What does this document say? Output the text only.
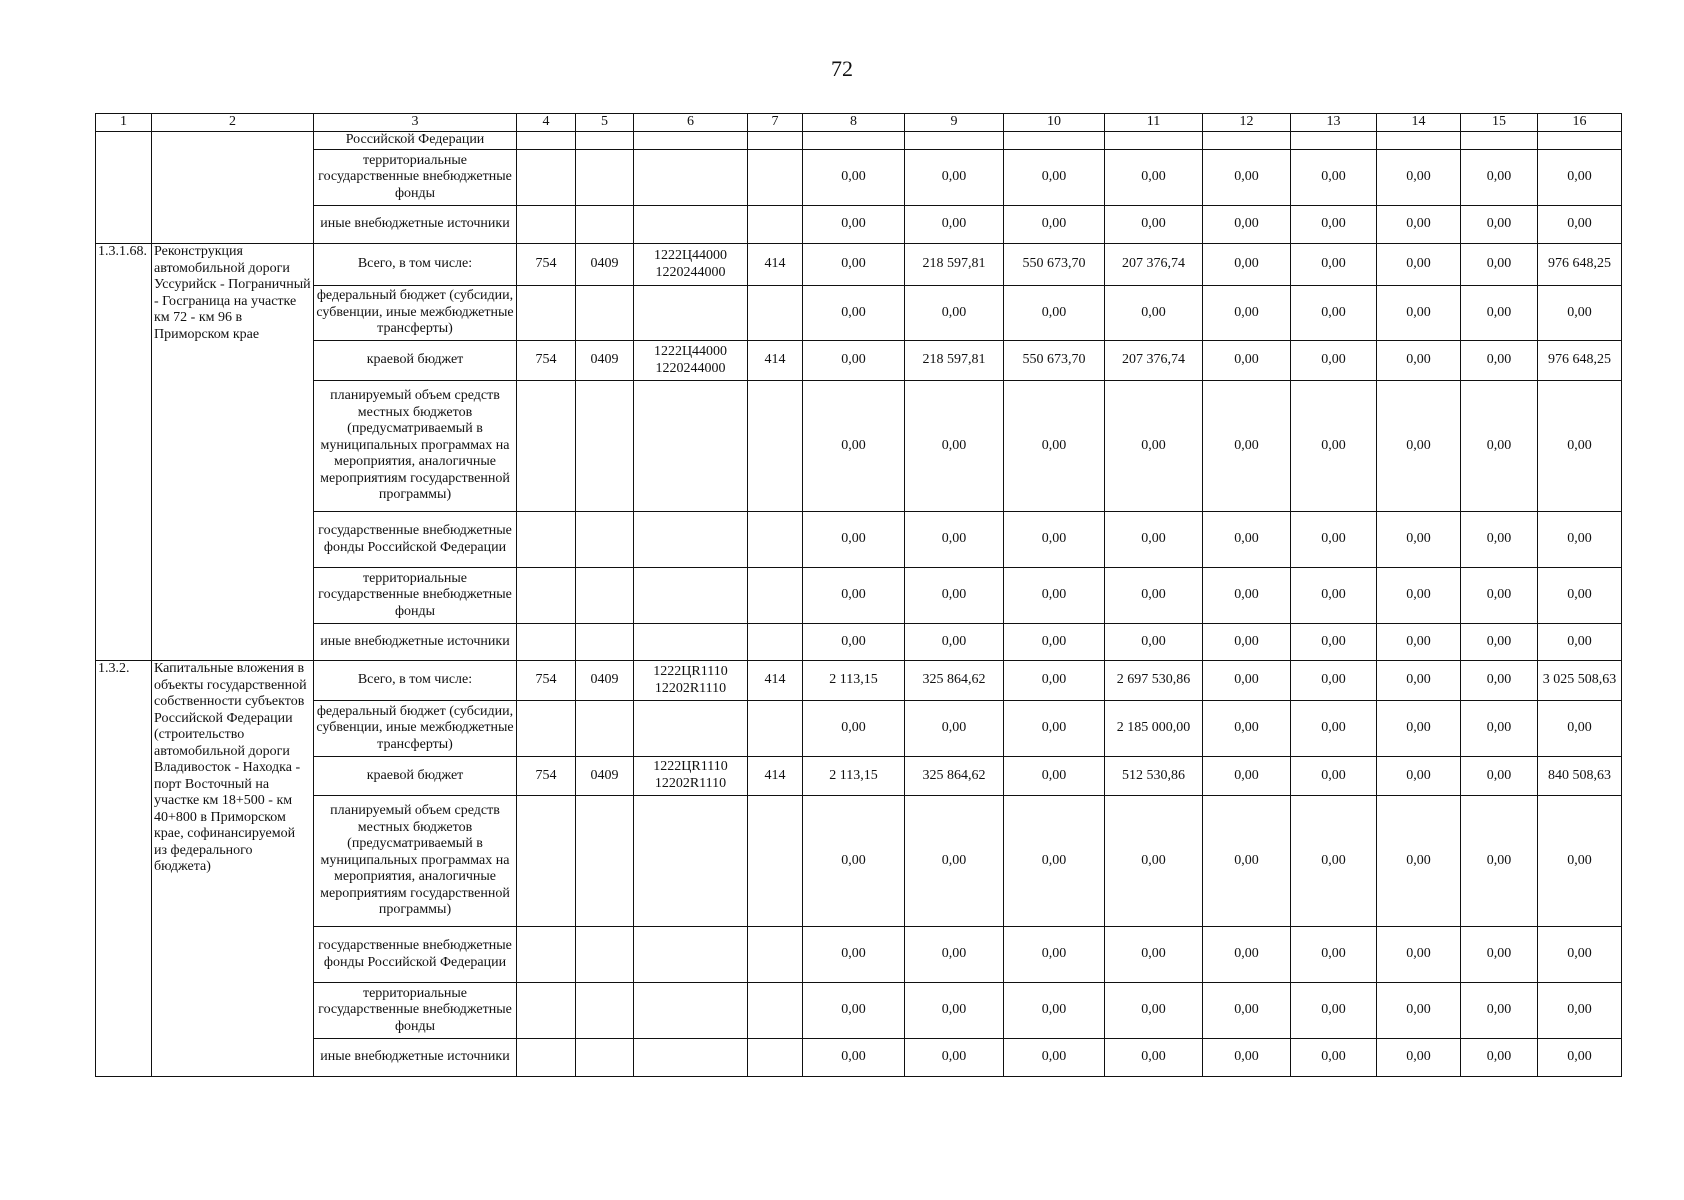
72
1	2	3	4	5	6	7	8	9	10	11	12	13	14	15	16
		Российской Федерации													
		территориальные государственные внебюджетные фонды					0,00	0,00	0,00	0,00	0,00	0,00	0,00	0,00	0,00
		иные внебюджетные источники					0,00	0,00	0,00	0,00	0,00	0,00	0,00	0,00	0,00
1.3.1.68.	Реконструкция автомобильной дороги Уссурийск - Пограничный - Госграница на участке км 72 - км 96 в Приморском крае	Всего, в том числе:	754	0409	1222Ц44000 1220244000	414	0,00	218 597,81	550 673,70	207 376,74	0,00	0,00	0,00	0,00	976 648,25
		федеральный бюджет (субсидии, субвенции, иные межбюджетные трансферты)					0,00	0,00	0,00	0,00	0,00	0,00	0,00	0,00	0,00
		краевой бюджет	754	0409	1222Ц44000 1220244000	414	0,00	218 597,81	550 673,70	207 376,74	0,00	0,00	0,00	0,00	976 648,25
		планируемый объем средств местных бюджетов (предусматриваемый в муниципальных программах на мероприятия, аналогичные мероприятиям государственной программы)					0,00	0,00	0,00	0,00	0,00	0,00	0,00	0,00	0,00
		государственные внебюджетные фонды Российской Федерации					0,00	0,00	0,00	0,00	0,00	0,00	0,00	0,00	0,00
		территориальные государственные внебюджетные фонды					0,00	0,00	0,00	0,00	0,00	0,00	0,00	0,00	0,00
		иные внебюджетные источники					0,00	0,00	0,00	0,00	0,00	0,00	0,00	0,00	0,00
1.3.2.	Капитальные вложения в объекты государственной собственности субъектов Российской Федерации (строительство автомобильной дороги Владивосток - Находка - порт Восточный на участке км 18+500 - км 40+800 в Приморском крае, софинансируемой из федерального бюджета)	Всего, в том числе:	754	0409	1222ЦR1110 12202R1110	414	2 113,15	325 864,62	0,00	2 697 530,86	0,00	0,00	0,00	0,00	3 025 508,63
		федеральный бюджет (субсидии, субвенции, иные межбюджетные трансферты)					0,00	0,00	0,00	2 185 000,00	0,00	0,00	0,00	0,00	0,00
		краевой бюджет	754	0409	1222ЦR1110 12202R1110	414	2 113,15	325 864,62	0,00	512 530,86	0,00	0,00	0,00	0,00	840 508,63
		планируемый объем средств местных бюджетов (предусматриваемый в муниципальных программах на мероприятия, аналогичные мероприятиям государственной программы)					0,00	0,00	0,00	0,00	0,00	0,00	0,00	0,00	0,00
		государственные внебюджетные фонды Российской Федерации					0,00	0,00	0,00	0,00	0,00	0,00	0,00	0,00	0,00
		территориальные государственные внебюджетные фонды					0,00	0,00	0,00	0,00	0,00	0,00	0,00	0,00	0,00
		иные внебюджетные источники					0,00	0,00	0,00	0,00	0,00	0,00	0,00	0,00	0,00
